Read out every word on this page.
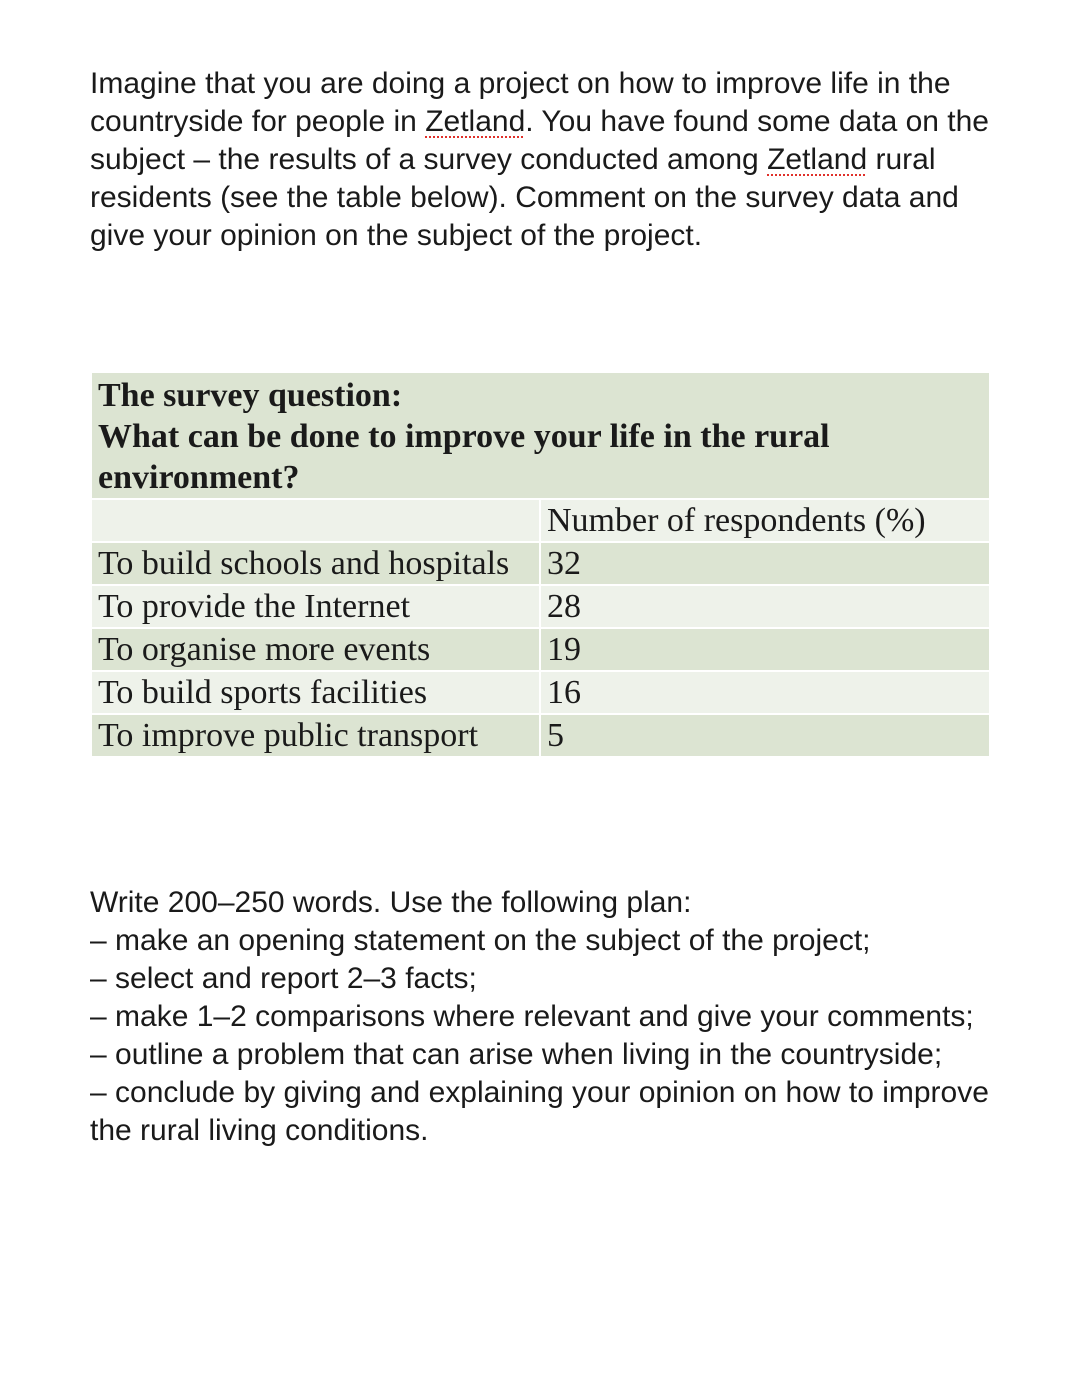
Imagine that you are doing a project on how to improve life in the countryside for people in Zetland. You have found some data on the subject – the results of a survey conducted among Zetland rural residents (see the table below). Comment on the survey data and give your opinion on the subject of the project.

The survey question:
What can be done to improve your life in the rural environment?	

	Number of respondents (%)
To build schools and hospitals	32
To provide the Internet	28
To organise more events	19
To build sports facilities	16
To improve public transport	5
Write 200–250 words. Use the following plan:
– make an opening statement on the subject of the project;
– select and report 2–3 facts;
– make 1–2 comparisons where relevant and give your comments;
– outline a problem that can arise when living in the countryside;
– conclude by giving and explaining your opinion on how to improve the rural living conditions.
